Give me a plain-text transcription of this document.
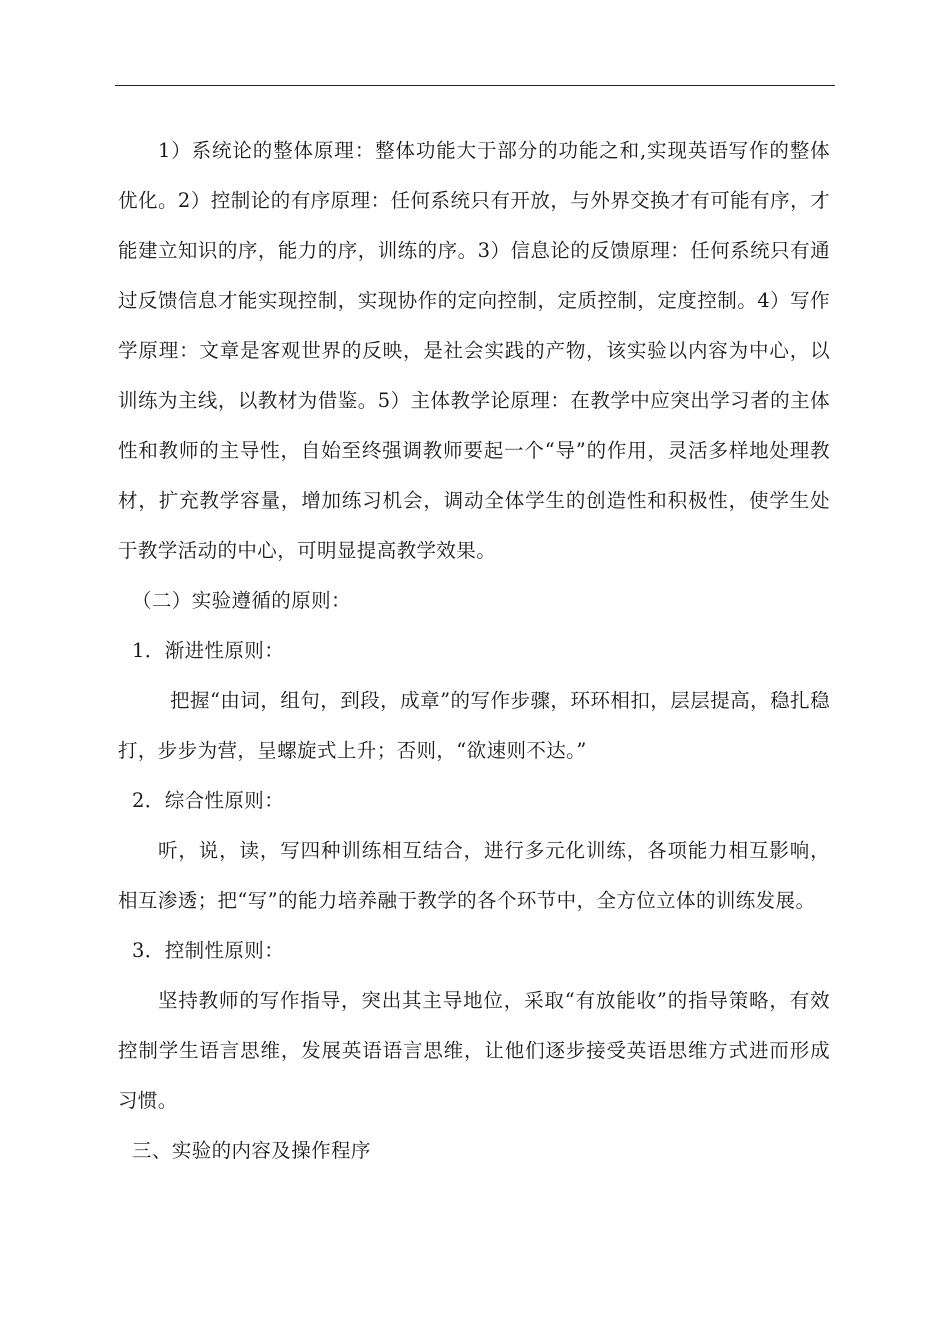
1）系统论的整体原理：整体功能大于部分的功能之和,实现英语写作的整体优化。2）控制论的有序原理：任何系统只有开放，与外界交换才有可能有序，才能建立知识的序，能力的序，训练的序。3）信息论的反馈原理：任何系统只有通过反馈信息才能实现控制，实现协作的定向控制，定质控制，定度控制。4）写作学原理：文章是客观世界的反映，是社会实践的产物，该实验以内容为中心，以训练为主线，以教材为借鉴。5）主体教学论原理：在教学中应突出学习者的主体性和教师的主导性，自始至终强调教师要起一个“导”的作用，灵活多样地处理教材，扩充教学容量，增加练习机会，调动全体学生的创造性和积极性，使学生处于教学活动的中心，可明显提高教学效果。

（二）实验遵循的原则：

1．渐进性原则：

把握“由词，组句，到段，成章”的写作步骤，环环相扣，层层提高，稳扎稳打，步步为营，呈螺旋式上升；否则，“欲速则不达。”

2．综合性原则：

听，说，读，写四种训练相互结合，进行多元化训练，各项能力相互影响，相互渗透；把“写”的能力培养融于教学的各个环节中，全方位立体的训练发展。

3．控制性原则：

坚持教师的写作指导，突出其主导地位，采取“有放能收”的指导策略，有效控制学生语言思维，发展英语语言思维，让他们逐步接受英语思维方式进而形成习惯。

三、实验的内容及操作程序
